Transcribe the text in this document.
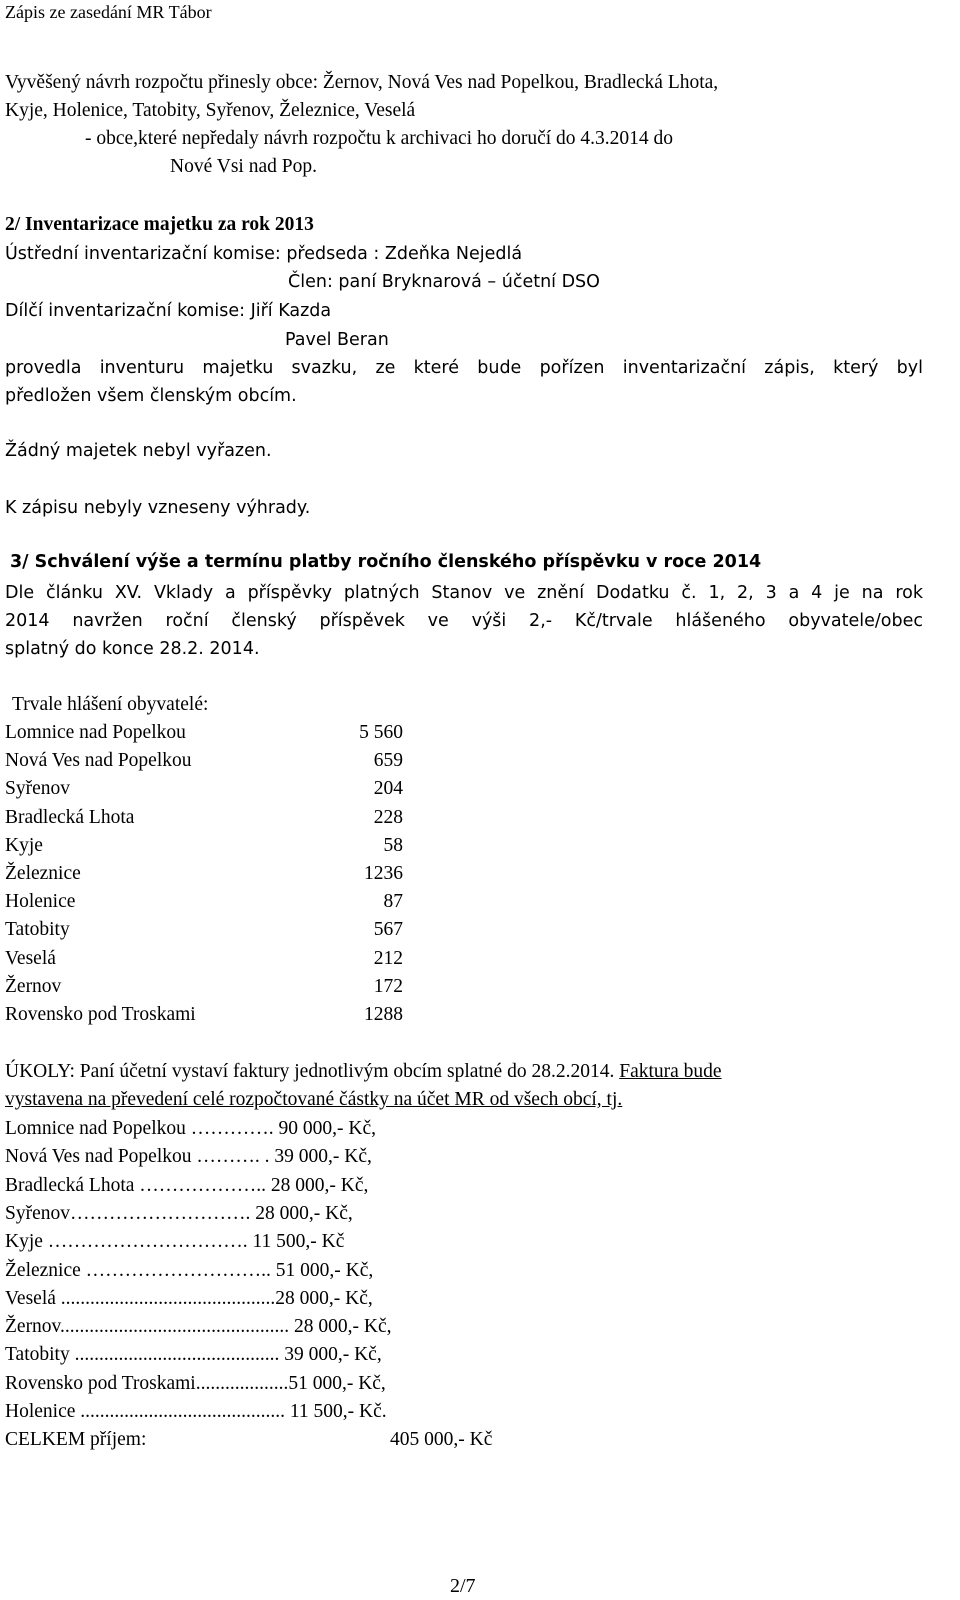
Zápis ze zasedání MR Tábor
Vyvěšený návrh rozpočtu přinesly obce: Žernov, Nová Ves nad Popelkou, Bradlecká Lhota,
Kyje, Holenice, Tatobity, Syřenov, Železnice, Veselá
- obce,které nepředaly návrh rozpočtu k archivaci ho doručí do 4.3.2014 do
Nové Vsi nad Pop.
2/ Inventarizace majetku za rok 2013
Ústřední inventarizační komise: předseda : Zdeňka Nejedlá
Člen: paní Bryknarová – účetní DSO
Dílčí inventarizační komise: Jiří Kazda
Pavel Beran
provedla inventuru majetku svazku, ze které bude pořízen inventarizační zápis, který byl
předložen všem členským obcím.
Žádný majetek nebyl vyřazen.
K zápisu nebyly vzneseny výhrady.
3/ Schválení výše a termínu platby ročního členského příspěvku v roce 2014
Dle článku XV. Vklady a příspěvky platných Stanov ve znění Dodatku č. 1, 2, 3 a 4 je na rok
2014 navržen roční členský příspěvek ve výši 2,- Kč/trvale hlášeného obyvatele/obec
splatný do konce 28.2. 2014.
Trvale hlášení obyvatelé:
Lomnice nad Popelkou	5 560
Nová Ves nad Popelkou	659
Syřenov	204
Bradlecká Lhota	228
Kyje	58
Železnice	1236
Holenice	87
Tatobity	567
Veselá	212
Žernov	172
Rovensko pod Troskami	1288
ÚKOLY: Paní účetní vystaví faktury jednotlivým obcím splatné do 28.2.2014. Faktura bude
vystavena na převedení celé rozpočtované částky na účet MR od všech obcí, tj.
Lomnice nad Popelkou …………. 90 000,- Kč,
Nová Ves nad Popelkou ………. . 39 000,- Kč,
Bradlecká Lhota ……………….. 28 000,- Kč,
Syřenov………………………. 28 000,- Kč,
Kyje …………………………. 11 500,- Kč
Železnice ……………………….. 51 000,- Kč,
Veselá ............................................28 000,- Kč,
Žernov............................................... 28 000,- Kč,
Tatobity .......................................... 39 000,- Kč,
Rovensko pod Troskami...................51 000,- Kč,
Holenice .......................................... 11 500,- Kč.
CELKEM příjem:	405 000,- Kč
2/7
